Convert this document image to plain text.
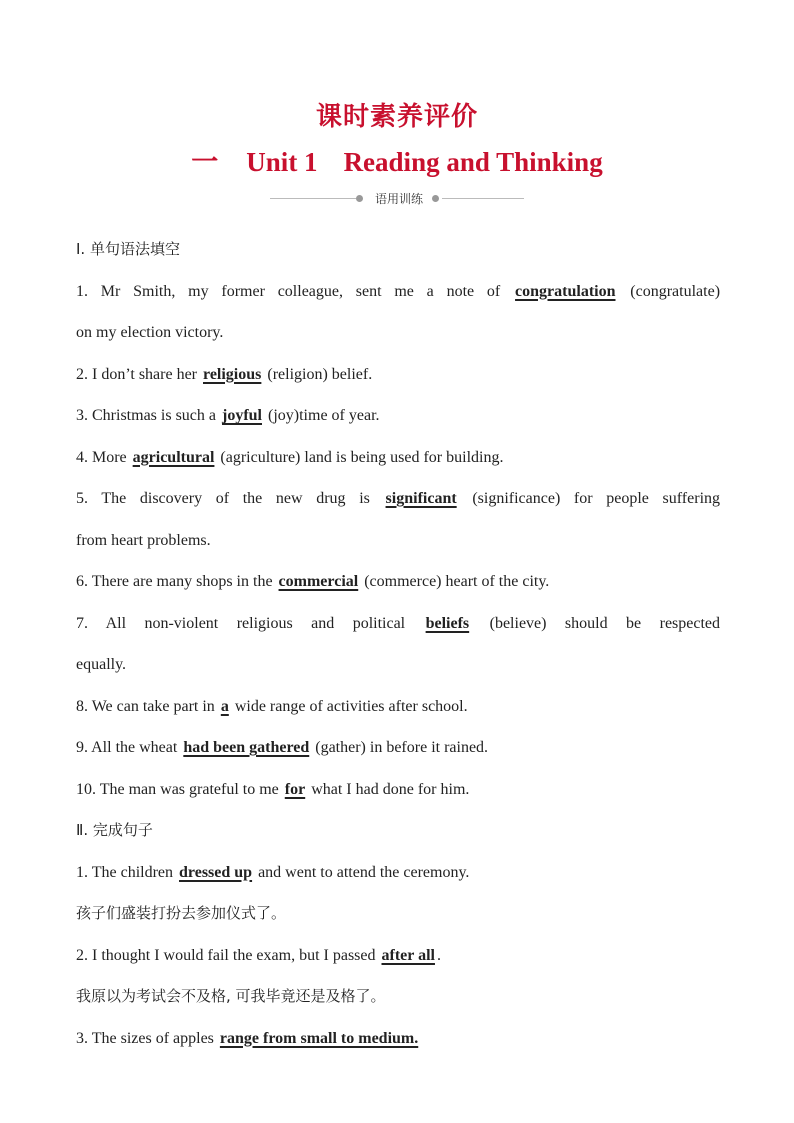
课时素养评价
一 Unit 1 Reading and Thinking
语用训练
Ⅰ. 单句语法填空
1. Mr Smith, my former colleague, sent me a note of congratulation (congratulate)
on my election victory.
2. I don’t share her religious (religion) belief.
3. Christmas is such a joyful (joy)time of year.
4. More agricultural (agriculture) land is being used for building.
5. The discovery of the new drug is significant (significance) for people suffering
from heart problems.
6. There are many shops in the commercial (commerce) heart of the city.
7. All non-violent religious and political beliefs (believe) should be respected
equally.
8. We can take part in a wide range of activities after school.
9. All the wheat had been gathered (gather) in before it rained.
10. The man was grateful to me for what I had done for him.
Ⅱ. 完成句子
1. The children dressed up and went to attend the ceremony.
孩子们盛装打扮去参加仪式了。
2. I thought I would fail the exam, but I passed after all .
我原以为考试会不及格, 可我毕竟还是及格了。
3. The sizes of apples range from small to medium.
